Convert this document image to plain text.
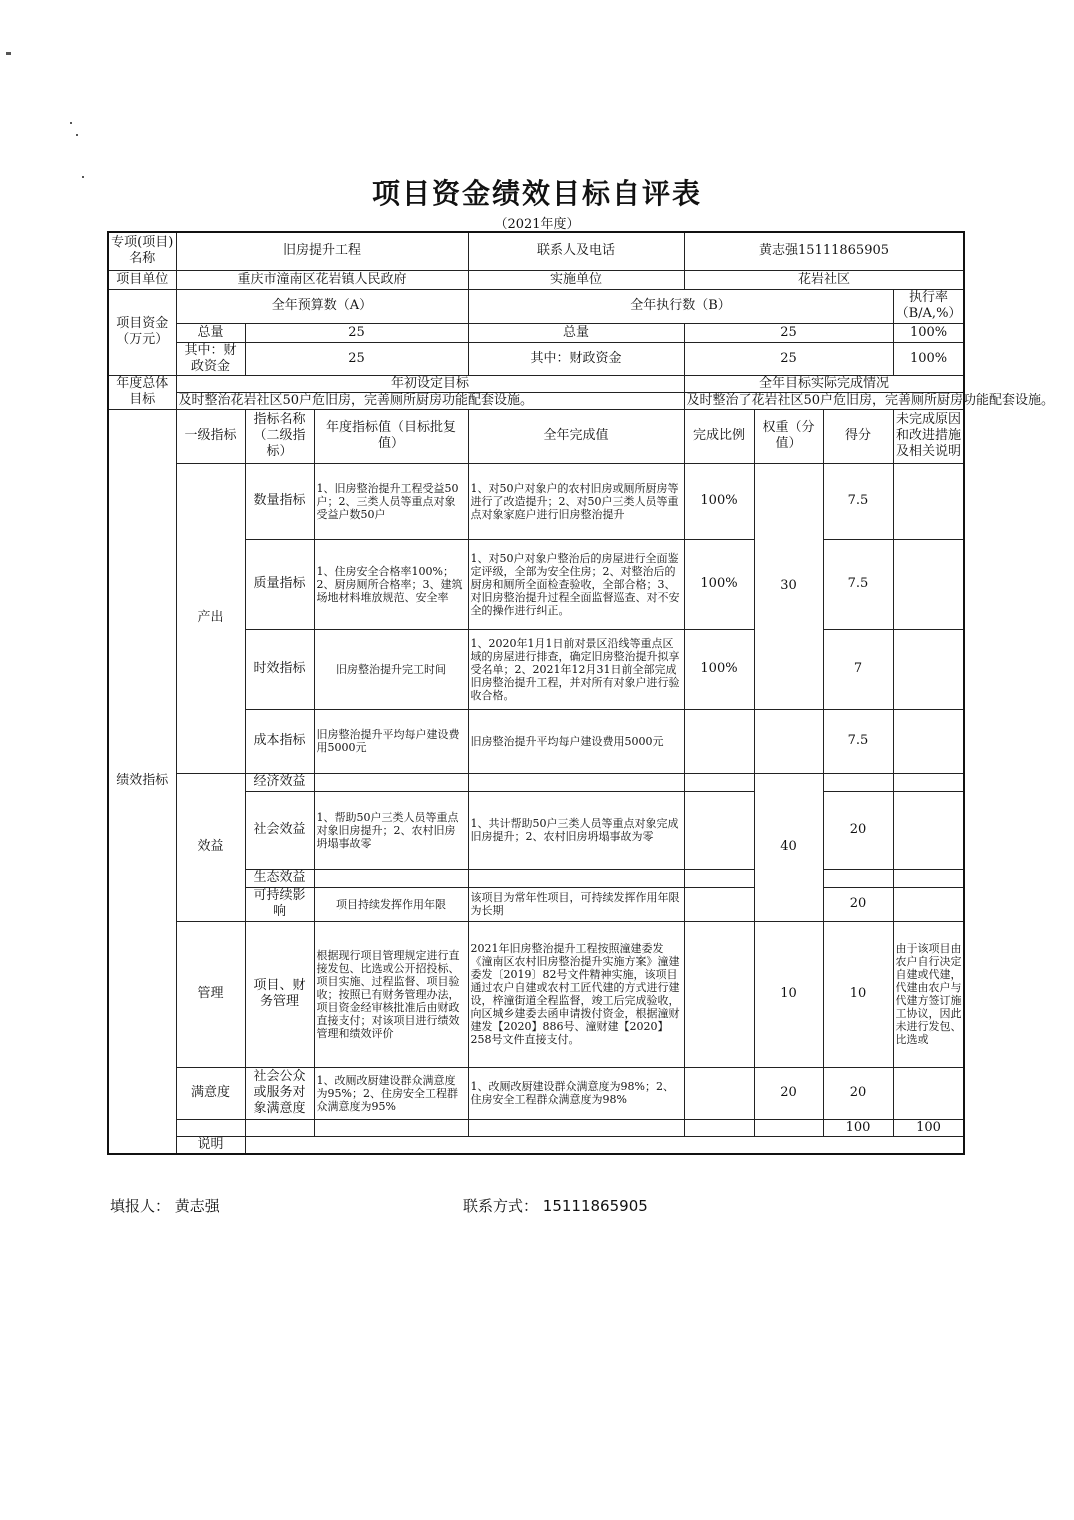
项目资金绩效目标自评表
（2021年度）
专项(项目)名称	旧房提升工程			联系人及电话	黄志强15111865905				
项目单位	重庆市潼南区花岩镇人民政府			实施单位	花岩社区				
项目资金（万元）	全年预算数（A）			全年执行数（B）				执行率（B/A,%）	
	总量	25		总量	25			100%	
	其中：财政资金	25		其中：财政资金	25			100%	
年度总体目标	年初设定目标				全年目标实际完成情况				
	及时整治花岩社区50户危旧房，完善厕所厨房功能配套设施。				及时整治了花岩社区50户危旧房，完善厕所厨房功能配套设施。				
绩效指标	一级指标	指标名称（二级指标）	年度指标值（目标批复值）	全年完成值	完成比例	权重（分值）	得分	未完成原因和改进措施及相关说明	
	产出	数量指标	1、旧房整治提升工程受益50户；2、三类人员等重点对象受益户数50户	1、对50户对象户的农村旧房或厕所厨房等进行了改造提升；2、对50户三类人员等重点对象家庭户进行旧房整治提升	100%	30	7.5		
		质量指标	1、住房安全合格率100%；2、厨房厕所合格率；3、建筑场地材料堆放规范、安全率	1、对50户对象户整治后的房屋进行全面鉴定评级，全部为安全住房；2、对整治后的厨房和厕所全面检查验收，全部合格；3、对旧房整治提升过程全面监督巡查、对不安全的操作进行纠正。	100%		7.5		
		时效指标	旧房整治提升完工时间	1、2020年1月1日前对景区沿线等重点区域的房屋进行排查，确定旧房整治提升拟享受名单；2、2021年12月31日前全部完成旧房整治提升工程，并对所有对象户进行验收合格。	100%		7		
		成本指标	旧房整治提升平均每户建设费用5000元	旧房整治提升平均每户建设费用5000元			7.5		
	效益	经济效益				40			
		社会效益	1、帮助50户三类人员等重点对象旧房提升；2、农村旧房坍塌事故零	1、共计帮助50户三类人员等重点对象完成旧房提升；2、农村旧房坍塌事故为零			20		
		生态效益							
		可持续影响	项目持续发挥作用年限	该项目为常年性项目，可持续发挥作用年限为长期			20		
	管理	项目、财务管理	根据现行项目管理规定进行直接发包、比选或公开招投标、项目实施、过程监督、项目验收；按照已有财务管理办法，项目资金经审核批准后由财政直接支付；对该项目进行绩效管理和绩效评价	2021年旧房整治提升工程按照潼建委发《潼南区农村旧房整治提升实施方案》潼建委发〔2019〕82号文件精神实施，该项目通过农户自建或农村工匠代建的方式进行建设，梓潼街道全程监督，竣工后完成验收，向区城乡建委去函申请拨付资金，根据潼财建发【2020】886号、潼财建【2020】258号文件直接支付。		10	10	由于该项目由农户自行决定自建或代建，代建由农户与代建方签订施工协议，因此未进行发包、比选或	
	满意度	社会公众或服务对象满意度	1、改厕改厨建设群众满意度为95%；2、住房安全工程群众满意度为95%	1、改厕改厨建设群众满意度为98%；2、住房安全工程群众满意度为98%		20	20		
							100	100	
	说明								
填报人： 黄志强	联系方式： 15111865905
